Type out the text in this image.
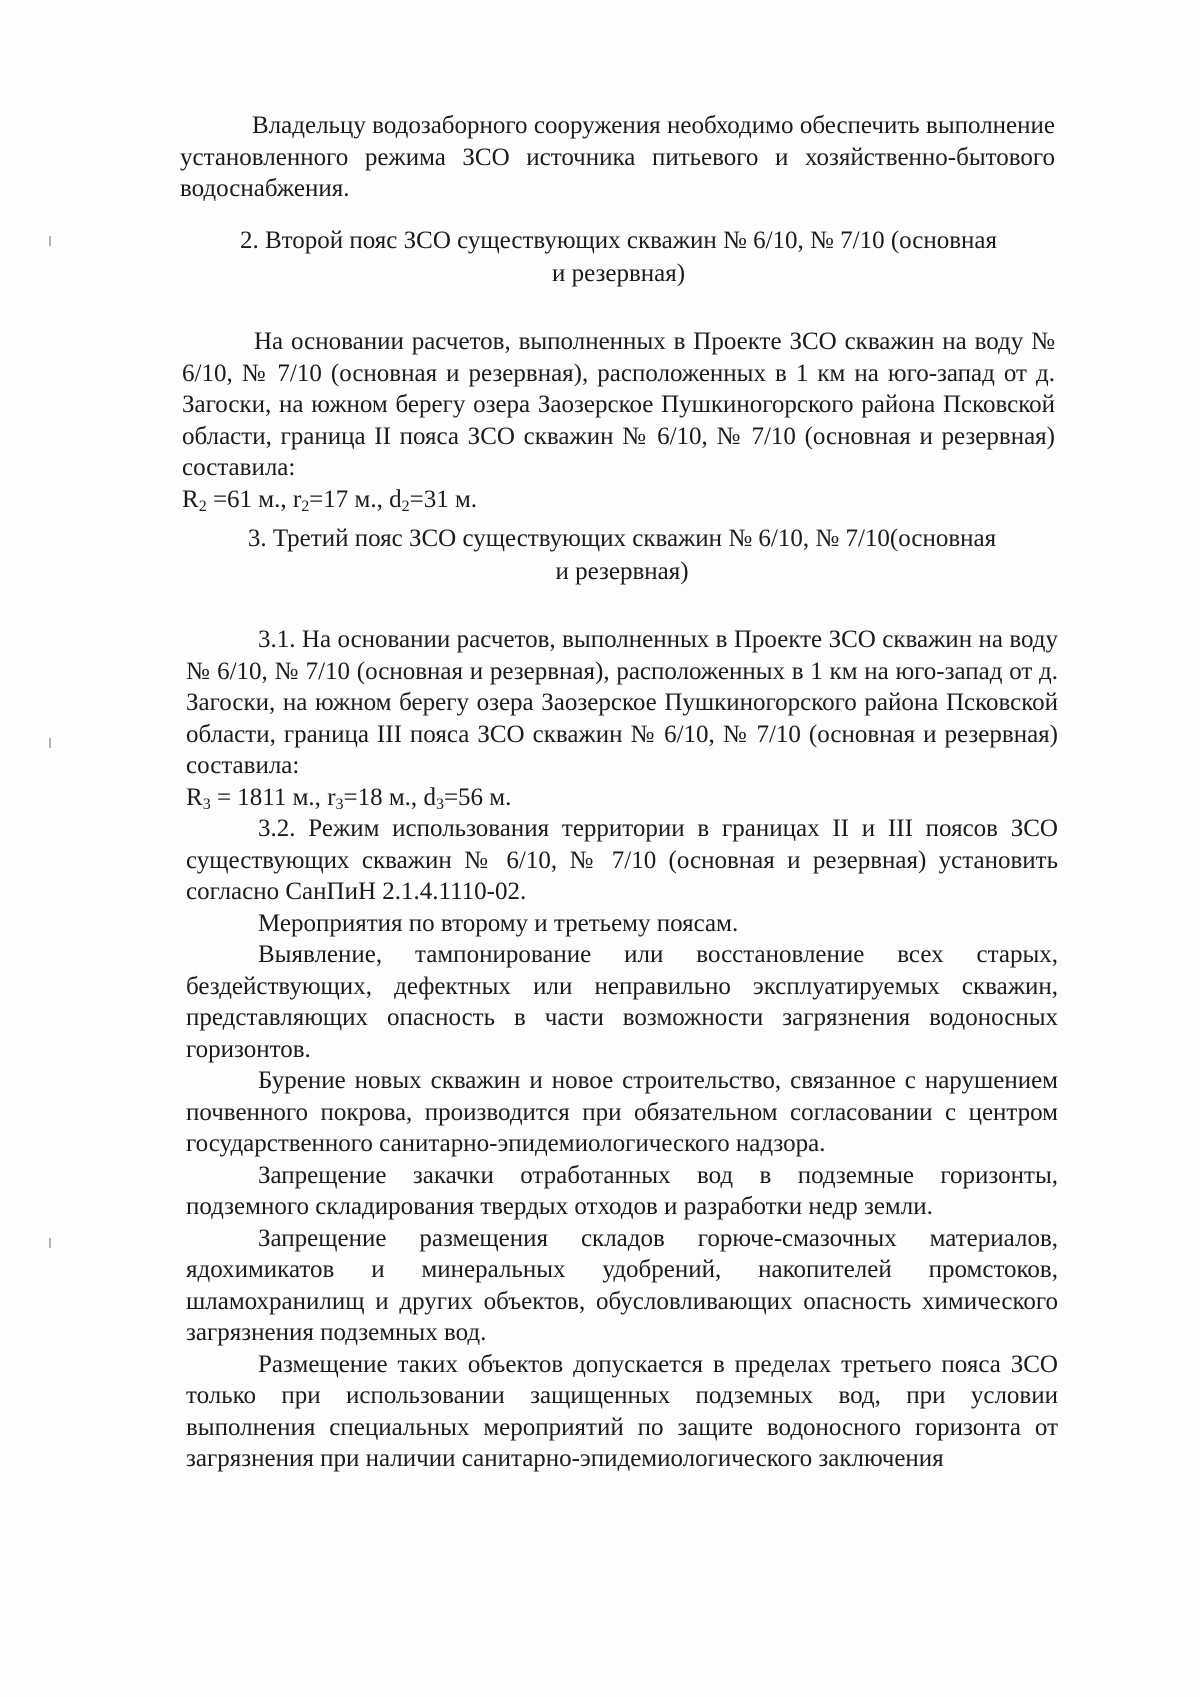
Владельцу водозаборного сооружения необходимо обеспечить выполнение установленного режима ЗСО источника питьевого и хозяйственно-бытового водоснабжения.

2. Второй пояс ЗСО существующих скважин № 6/10, № 7/10 (основная

и резервная)

На основании расчетов, выполненных в Проекте ЗСО скважин на воду № 6/10, № 7/10 (основная и резервная), расположенных в 1 км на юго-запад от д. Загоски, на южном берегу озера Заозерское Пушкиногорского района Псковской области, граница II пояса ЗСО скважин № 6/10, № 7/10 (основная и резервная) составила:

$R_2 =61$ м., $r_2=17$ м., $d_2=31$ м.

3. Третий пояс ЗСО существующих скважин № 6/10, № 7/10(основная

и резервная)

3.1. На основании расчетов, выполненных в Проекте ЗСО скважин на воду № 6/10, № 7/10 (основная и резервная), расположенных в 1 км на юго-запад от д. Загоски, на южном берегу озера Заозерское Пушкиногорского района Псковской области, граница III пояса ЗСО скважин № 6/10, № 7/10 (основная и резервная) составила:

$R_3 = 1811$ м., $r_3=18$ м., $d_3=56$ м.

3.2. Режим использования территории в границах II и III поясов ЗСО существующих скважин № 6/10, № 7/10 (основная и резервная) установить согласно СанПиН 2.1.4.1110-02.

Мероприятия по второму и третьему поясам.

Выявление, тампонирование или восстановление всех старых, бездействующих, дефектных или неправильно эксплуатируемых скважин, представляющих опасность в части возможности загрязнения водоносных горизонтов.

Бурение новых скважин и новое строительство, связанное с нарушением почвенного покрова, производится при обязательном согласовании с центром государственного санитарно-эпидемиологического надзора.

Запрещение закачки отработанных вод в подземные горизонты, подземного складирования твердых отходов и разработки недр земли.

Запрещение размещения складов горюче-смазочных материалов, ядохимикатов и минеральных удобрений, накопителей промстоков, шламохранилищ и других объектов, обусловливающих опасность химического загрязнения подземных вод.

Размещение таких объектов допускается в пределах третьего пояса ЗСО только при использовании защищенных подземных вод, при условии выполнения специальных мероприятий по защите водоносного горизонта от загрязнения при наличии санитарно-эпидемиологического заключения
